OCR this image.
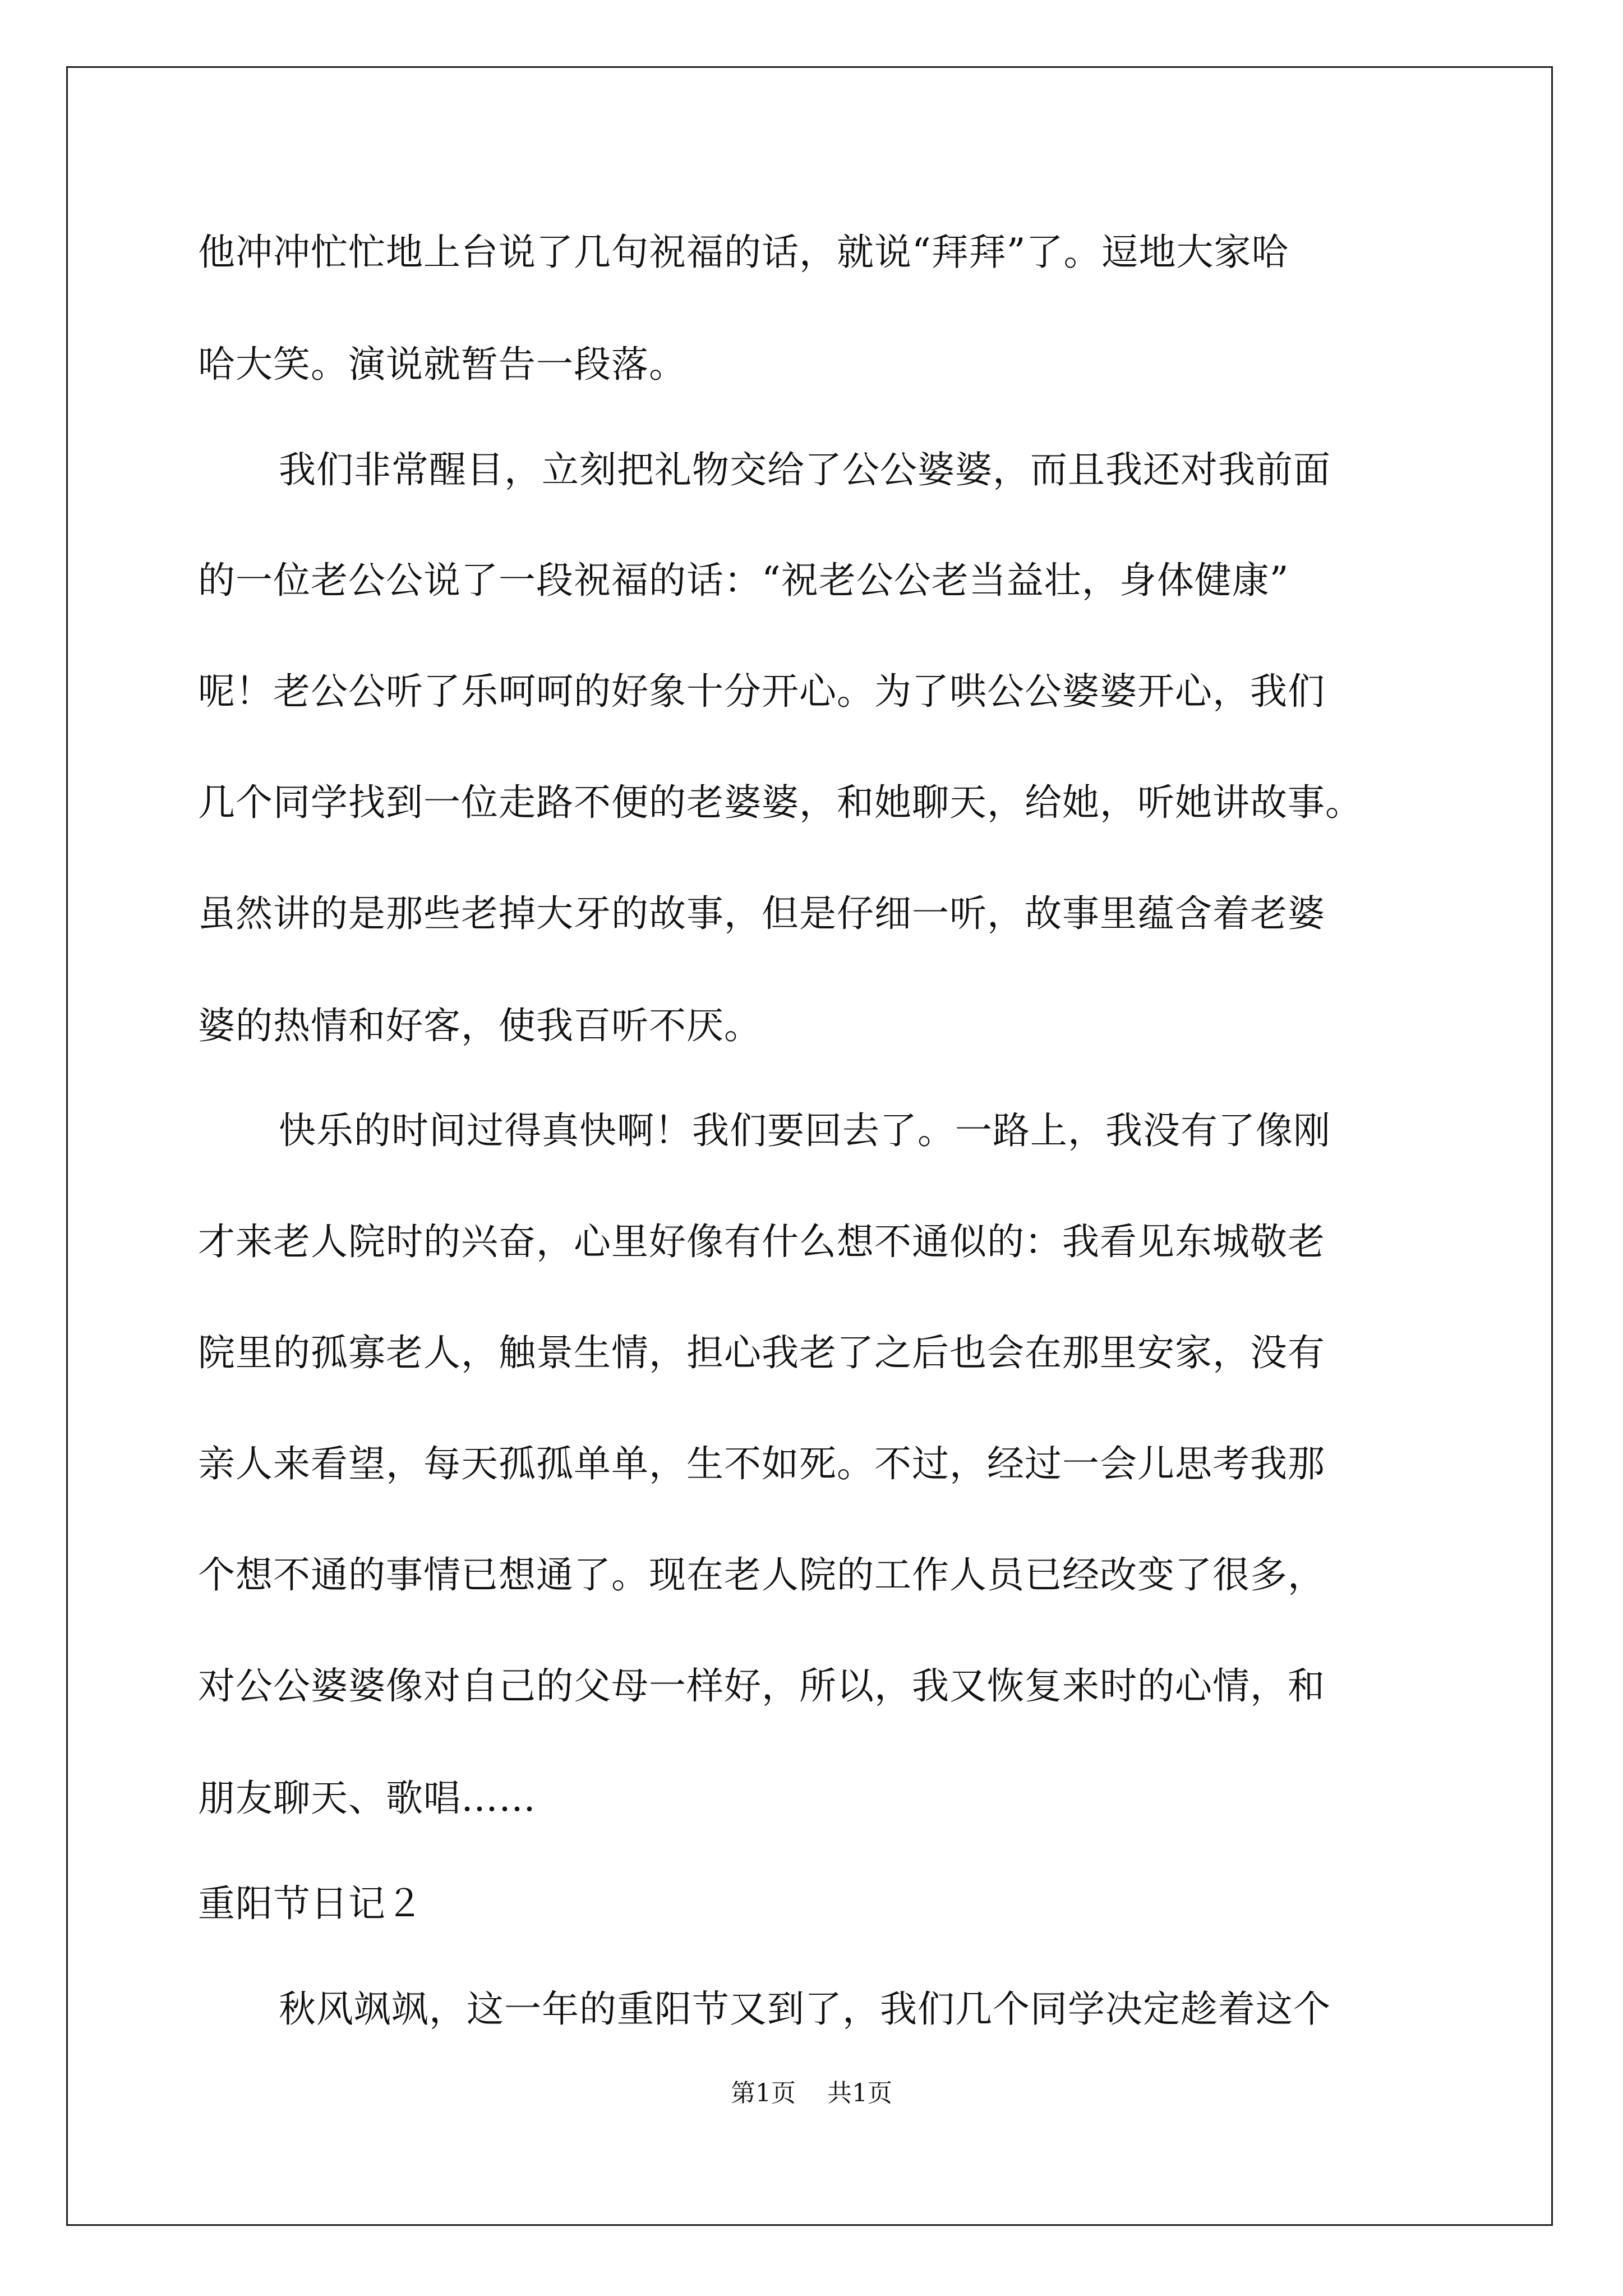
他冲冲忙忙地上台说了几句祝福的话，就说“拜拜”了。逗地大家哈
哈大笑。演说就暂告一段落。
我们非常醒目，立刻把礼物交给了公公婆婆，而且我还对我前面
的一位老公公说了一段祝福的话：“祝老公公老当益壮，身体健康”
呢！老公公听了乐呵呵的好象十分开心。为了哄公公婆婆开心，我们
几个同学找到一位走路不便的老婆婆，和她聊天，给她，听她讲故事。
虽然讲的是那些老掉大牙的故事，但是仔细一听，故事里蕴含着老婆
婆的热情和好客，使我百听不厌。
快乐的时间过得真快啊！我们要回去了。一路上，我没有了像刚
才来老人院时的兴奋，心里好像有什么想不通似的：我看见东城敬老
院里的孤寡老人，触景生情，担心我老了之后也会在那里安家，没有
亲人来看望，每天孤孤单单，生不如死。不过，经过一会儿思考我那
个想不通的事情已想通了。现在老人院的工作人员已经改变了很多，
对公公婆婆像对自己的父母一样好，所以，我又恢复来时的心情，和
朋友聊天、歌唱……
重阳节日记２
秋风飒飒，这一年的重阳节又到了，我们几个同学决定趁着这个
第1页 共1页
